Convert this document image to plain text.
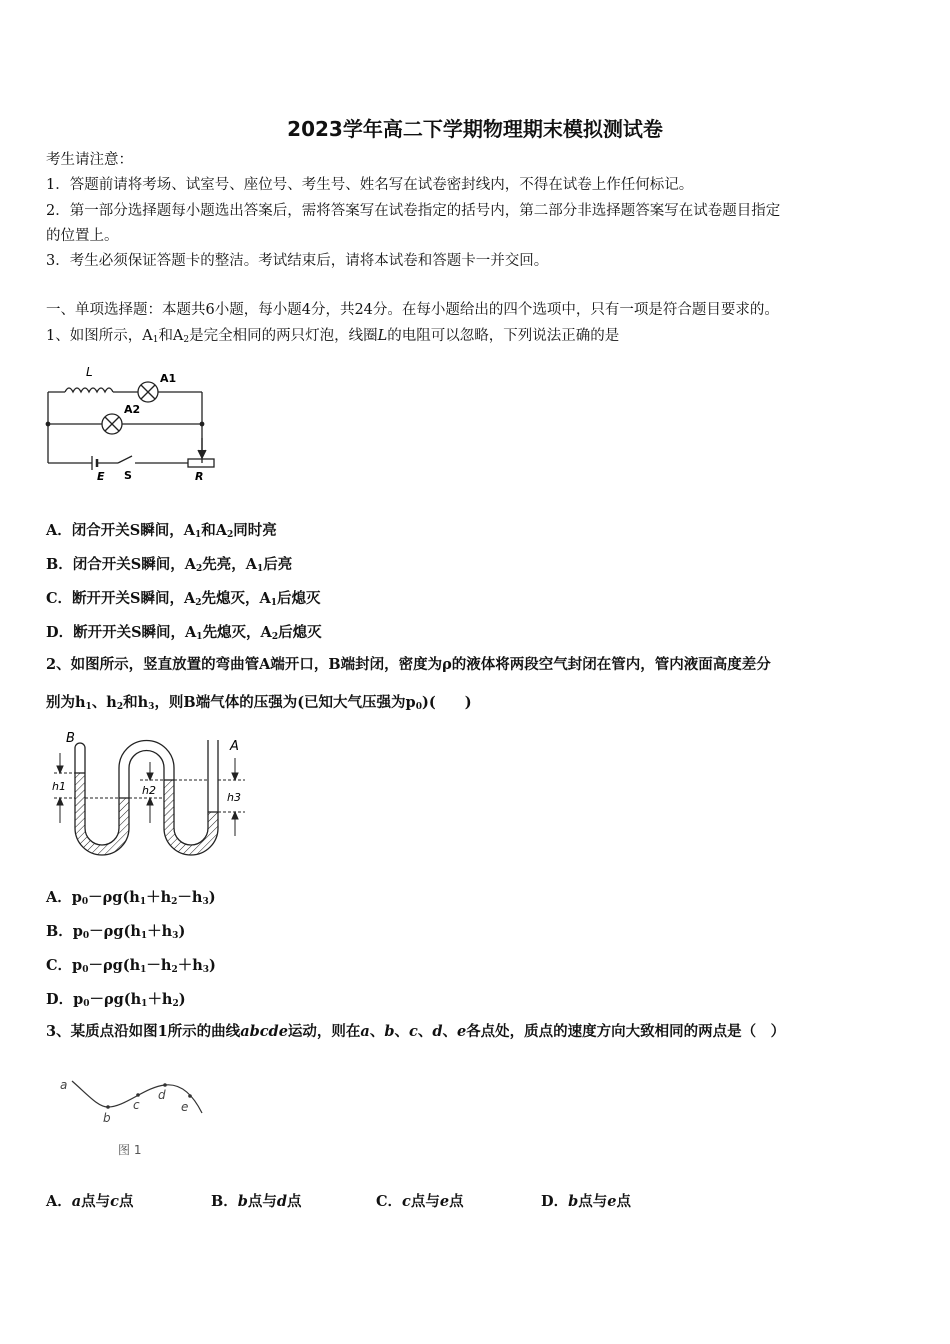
2023学年高二下学期物理期末模拟测试卷
考生请注意：
1．答题前请将考场、试室号、座位号、考生号、姓名写在试卷密封线内，不得在试卷上作任何标记。
2．第一部分选择题每小题选出答案后，需将答案写在试卷指定的括号内，第二部分非选择题答案写在试卷题目指定
的位置上。
3．考生必须保证答题卡的整洁。考试结束后，请将本试卷和答题卡一并交回。
一、单项选择题：本题共6小题，每小题4分，共24分。在每小题给出的四个选项中，只有一项是符合题目要求的。
1、如图所示，$A_1$和$A_2$是完全相同的两只灯泡，线圈L的电阻可以忽略，下列说法正确的是
L	A1
A2
E S	R
A．闭合开关S瞬间，$A_1$和$A_2$同时亮
B．闭合开关S瞬间，$A_2$先亮，$A_1$后亮
C．断开开关S瞬间，$A_2$先熄灭，$A_1$后熄灭
D．断开开关S瞬间，$A_1$先熄灭，$A_2$后熄灭
2、如图所示，竖直放置的弯曲管A端开口，B端封闭，密度为ρ的液体将两段空气封闭在管内，管内液面高度差分
别为$h_1$、$h_2$和$h_3$，则B端气体的压强为(已知大气压强为$p_0$)(　　)
B
A
h1	h2
h3
A．$p_0-\rho g(h_1+h_2-h_3)$
B．$p_0-\rho g(h_1+h_3)$
C．$p_0-\rho g(h_1-h_2+h_3)$
D．$p_0-\rho g(h_1+h_2)$
3、某质点沿如图1所示的曲线abcde运动，则在a、b、c、d、e各点处，质点的速度方向大致相同的两点是（　）
a
b
c
d
e
图 1
A．a点与c点	B．b点与d点	C．c点与e点	D．b点与e点
